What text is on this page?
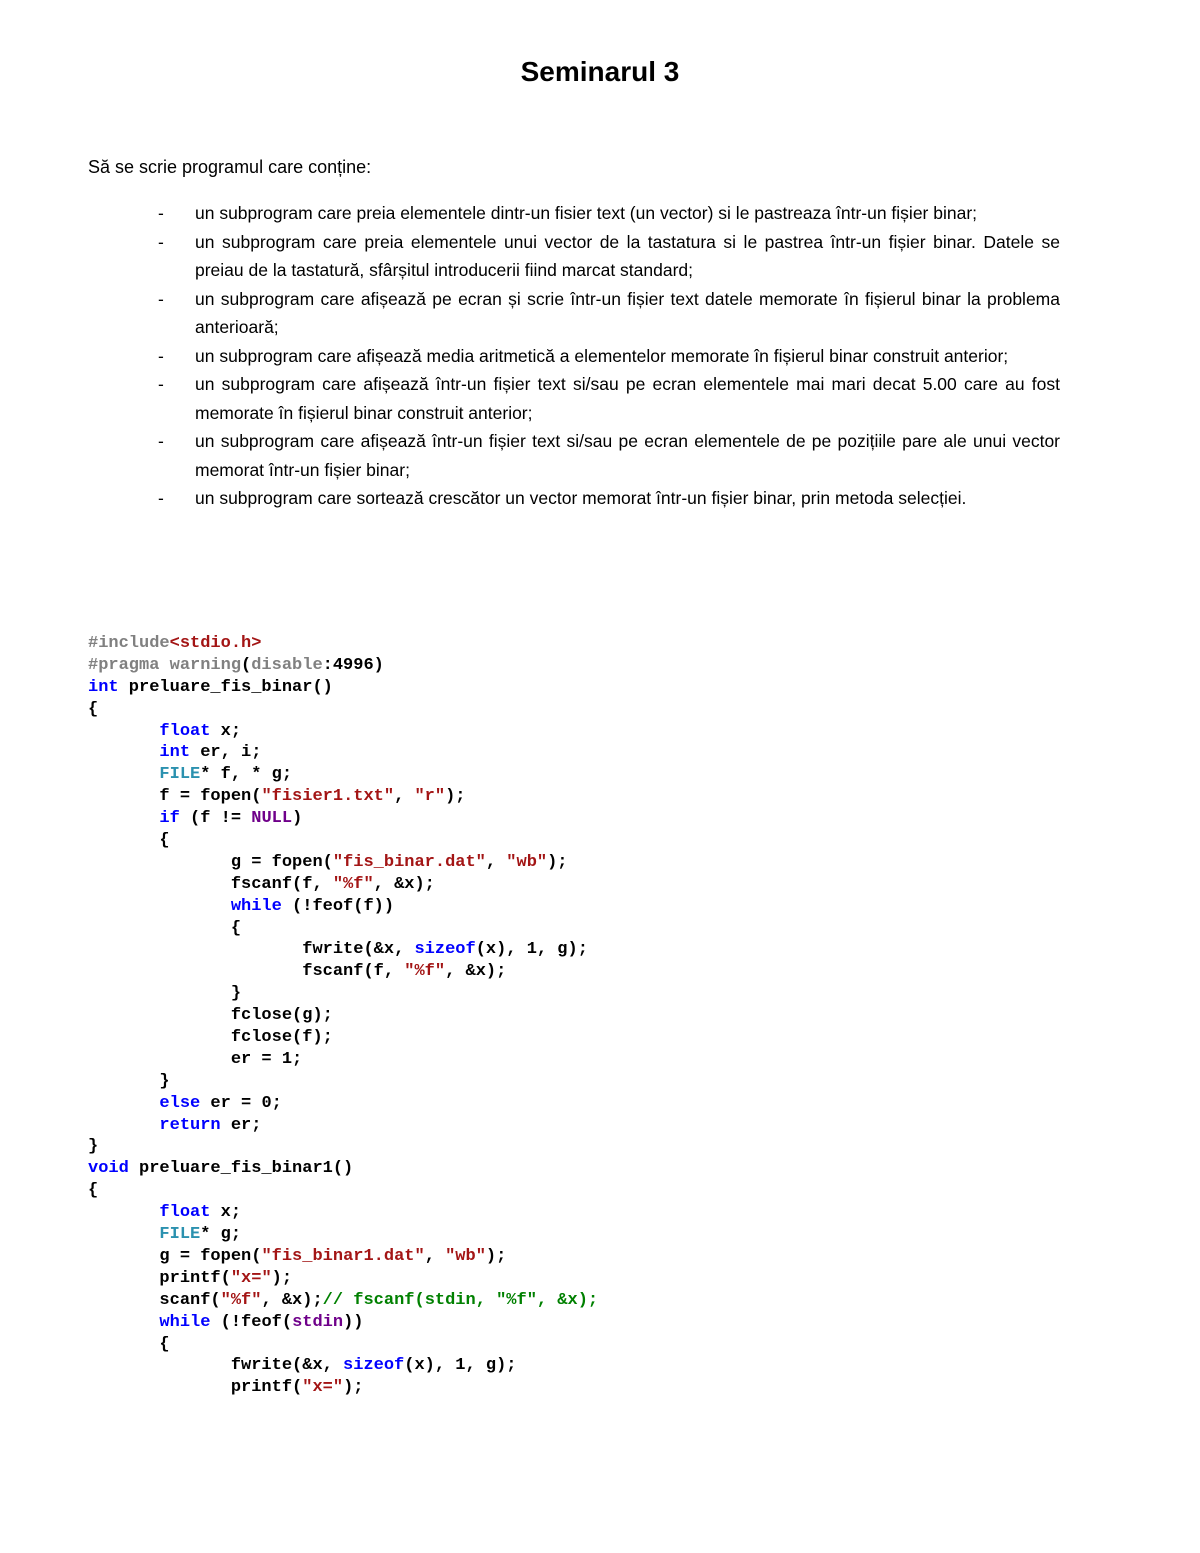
Seminarul 3
Să se scrie programul care conține:
- un subprogram care preia elementele dintr-un fisier text (un vector) si le pastreaza într-un fișier binar;
- un subprogram care preia elementele unui vector de la tastatura si le pastrea într-un fișier binar. Datele se preiau de la tastatură, sfârșitul introducerii fiind marcat standard;
- un subprogram care afișează pe ecran și scrie într-un fișier text datele memorate în fișierul binar la problema anterioară;
- un subprogram care afișează media aritmetică a elementelor memorate în fișierul binar construit anterior;
- un subprogram care afișează într-un fișier text si/sau pe ecran elementele mai mari decat 5.00 care au fost memorate în fișierul binar construit anterior;
- un subprogram care afișează într-un fișier text si/sau pe ecran elementele de pe pozițiile pare ale unui vector memorat într-un fișier binar;
- un subprogram care sortează crescător un vector memorat într-un fișier binar, prin metoda selecției.
#include<stdio.h>
#pragma warning(disable:4996)
int preluare_fis_binar()
{
	float x;
	int er, i;
	FILE* f, * g;
	f = fopen("fisier1.txt", "r");
	if (f != NULL)
	{
		g = fopen("fis_binar.dat", "wb");
		fscanf(f, "%f", &x);
		while (!feof(f))
		{
			fwrite(&x, sizeof(x), 1, g);
			fscanf(f, "%f", &x);
		}
		fclose(g);
		fclose(f);
		er = 1;
	}
	else er = 0;
	return er;
}
void preluare_fis_binar1()
{
	float x;
	FILE* g;
	g = fopen("fis_binar1.dat", "wb");
	printf("x=");
	scanf("%f", &x);// fscanf(stdin, "%f", &x);
	while (!feof(stdin))
	{
		fwrite(&x, sizeof(x), 1, g);
		printf("x=");
